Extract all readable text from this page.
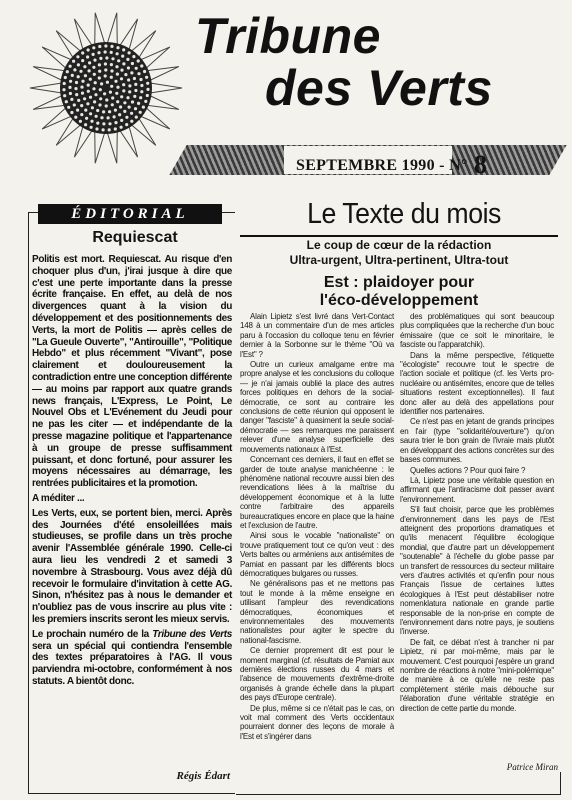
Tribune
des Verts
SEPTEMBRE 1990 - N° 8
ÉDITORIAL
Requiescat

Politis est mort. Requiescat. Au risque d'en choquer plus d'un, j'irai jusque à dire que c'est une perte importante dans la presse écrite française. En effet, au delà de nos divergences quant à la vision du développement et des positionnements des Verts, la mort de Politis — après celles de "La Gueule Ouverte", "Antirouille", "Politique Hebdo" et plus récemment "Vivant", pose clairement et douloureusement la contradiction entre une conception différente — au moins par rapport aux quatre grands news français, L'Express, Le Point, Le Nouvel Obs et L'Evénement du Jeudi pour ne pas les citer — et indépendante de la presse magazine politique et l'appartenance à un groupe de presse suffisamment puissant, et donc fortuné, pour assurer les moyens nécessaires au démarrage, les rentrées publicitaires et la promotion.

A méditer ...

Les Verts, eux, se portent bien, merci. Après des Journées d'été ensoleillées mais studieuses, se profile dans un très proche avenir l'Assemblée générale 1990. Celle-ci aura lieu les vendredi 2 et samedi 3 novembre à Strasbourg. Vous avez déjà dû recevoir le formulaire d'invitation à cette AG. Sinon, n'hésitez pas à nous le demander et n'oubliez pas de vous inscrire au plus vite : les premiers inscrits seront les mieux servis.

Le prochain numéro de la Tribune des Verts sera un spécial qui contiendra l'ensemble des textes préparatoires à l'AG. Il vous parviendra mi-octobre, conformément à nos statuts. A bientôt donc.

Régis Édart
Le Texte du mois
Le coup de cœur de la rédaction
Ultra-urgent, Ultra-pertinent, Ultra-tout
Est : plaidoyer pour
l'éco-développement

Alain Lipietz s'est livré dans Vert-Contact 148 à un commentaire d'un de mes articles paru à l'occasion du colloque tenu en février dernier à la Sorbonne sur le thème "Où va l'Est" ?

Outre un curieux amalgame entre ma propre analyse et les conclusions du colloque — je n'ai jamais oublié la place des autres forces politiques en dehors de la social-démocratie, ce sont au contraire les conclusions de cette réunion qui opposent le danger "fasciste" à quasiment la seule social-démocratie — ses remarques me paraissent relever d'une analyse superficielle des mouvements nationaux à l'Est.

Concernant ces derniers, il faut en effet se garder de toute analyse manichéenne : le phénomène national recouvre aussi bien des revendications liées à la maîtrise du développement économique et à la lutte contre l'arbitraire des appareils bureaucratiques encore en place que la haine et l'exclusion de l'autre.

Ainsi sous le vocable "nationaliste" on trouve pratiquement tout ce qu'on veut : des Verts baltes ou arméniens aux antisémites de Pamiat en passant par les différents blocs démocratiques bulgares ou russes.

Ne généralisons pas et ne mettons pas tout le monde à la même enseigne en utilisant l'ampleur des revendications démocratiques, économiques et environnementales des mouvements nationalistes pour agiter le spectre du national-fascisme.

Ce dernier proprement dit est pour le moment marginal (cf. résultats de Pamiat aux dernières élections russes du 4 mars et l'absence de mouvements d'extrême-droite organisés à grande échelle dans la plupart des pays d'Europe centrale).

De plus, même si ce n'était pas le cas, on voit mal comment des Verts occidentaux pourraient donner des leçons de morale à l'Est et s'ingérer dans

des problématiques qui sont beaucoup plus compliquées que la recherche d'un bouc émissaire (que ce soit le minoritaire, le fasciste ou l'apparatchik).

Dans la même perspective, l'étiquette "écologiste" recouvre tout le spectre de l'action sociale et politique (cf. les Verts pro-nucléaire ou antisémites, encore que de telles situations restent exceptionnelles). Il faut donc aller au delà des appellations pour identifier nos partenaires.

Ce n'est pas en jetant de grands principes en l'air (type "solidarité/ouverture") qu'on saura trier le bon grain de l'ivraie mais plutôt en développant des actions concrètes sur des bases communes.

Quelles actions ? Pour quoi faire ?

Là, Lipietz pose une véritable question en affirmant que l'antiracisme doit passer avant l'environnement.

S'il faut choisir, parce que les problèmes d'environnement dans les pays de l'Est atteignent des proportions dramatiques et qu'ils menacent l'équilibre écologique mondial, que d'autre part un développement "soutenable" à l'échelle du globe passe par un transfert de ressources du secteur militaire vers d'autres activités et qu'enfin pour nous Français l'issue de certaines luttes écologiques à l'Est peut déstabiliser notre nomenklatura nationale en grande partie responsable de la non-prise en compte de l'environnement dans notre pays, je soutiens l'inverse.

De fait, ce débat n'est à trancher ni par Lipietz, ni par moi-même, mais par le mouvement. C'est pourquoi j'espère un grand nombre de réactions à notre "mini-polémique" de manière à ce qu'elle ne reste pas complètement stérile mais débouche sur l'élaboration d'une véritable stratégie en direction de cette partie du monde.

Patrice Miran
